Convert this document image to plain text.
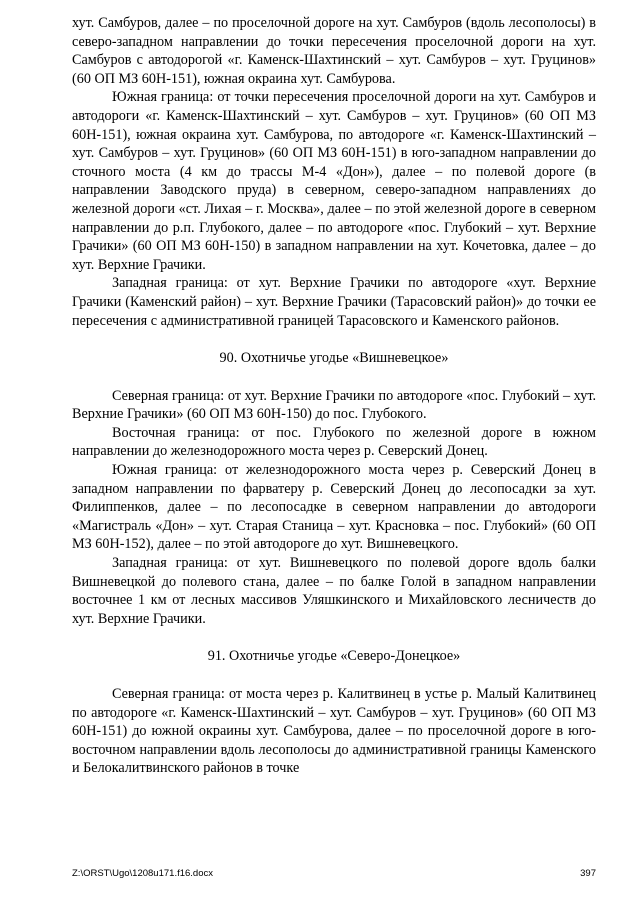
хут. Самбуров, далее – по проселочной дороге на хут. Самбуров (вдоль лесополосы) в северо-западном направлении до точки пересечения проселочной дороги на хут. Самбуров с автодорогой «г. Каменск-Шахтинский – хут. Самбуров – хут. Груцинов» (60 ОП МЗ 60Н-151), южная окраина хут. Самбурова.

Южная граница: от точки пересечения проселочной дороги на хут. Самбуров и автодороги «г. Каменск-Шахтинский – хут. Самбуров – хут. Груцинов» (60 ОП МЗ 60Н-151), южная окраина хут. Самбурова, по автодороге «г. Каменск-Шахтинский – хут. Самбуров – хут. Груцинов» (60 ОП МЗ 60Н-151) в юго-западном направлении до сточного моста (4 км до трассы М-4 «Дон»), далее – по полевой дороге (в направлении Заводского пруда) в северном, северо-западном направлениях до железной дороги «ст. Лихая – г. Москва», далее – по этой железной дороге в северном направлении до р.п. Глубокого, далее – по автодороге «пос. Глубокий – хут. Верхние Грачики» (60 ОП МЗ 60Н-150) в западном направлении на хут. Кочетовка, далее – до хут. Верхние Грачики.

Западная граница: от хут. Верхние Грачики по автодороге «хут. Верхние Грачики (Каменский район) – хут. Верхние Грачики (Тарасовский район)» до точки ее пересечения с административной границей Тарасовского и Каменского районов.

90. Охотничье угодье «Вишневецкое»

Северная граница: от хут. Верхние Грачики по автодороге «пос. Глубокий – хут. Верхние Грачики» (60 ОП МЗ 60Н-150) до пос. Глубокого.

Восточная граница: от пос. Глубокого по железной дороге в южном направлении до железнодорожного моста через р. Северский Донец.

Южная граница: от железнодорожного моста через р. Северский Донец в западном направлении по фарватеру р. Северский Донец до лесопосадки за хут. Филиппенков, далее – по лесопосадке в северном направлении до автодороги «Магистраль «Дон» – хут. Старая Станица – хут. Красновка – пос. Глубокий» (60 ОП МЗ 60Н-152), далее – по этой автодороге до хут. Вишневецкого.

Западная граница: от хут. Вишневецкого по полевой дороге вдоль балки Вишневецкой до полевого стана, далее – по балке Голой в западном направлении восточнее 1 км от лесных массивов Уляшкинского и Михайловского лесничеств до хут. Верхние Грачики.

91. Охотничье угодье «Северо-Донецкое»

Северная граница: от моста через р. Калитвинец в устье р. Малый Калитвинец по автодороге «г. Каменск-Шахтинский – хут. Самбуров – хут. Груцинов» (60 ОП МЗ 60Н-151) до южной окраины хут. Самбурова, далее – по проселочной дороге в юго-восточном направлении вдоль лесополосы до административной границы Каменского и Белокалитвинского районов в точке

Z:\ORST\Ugo\1208u171.f16.docx	397
